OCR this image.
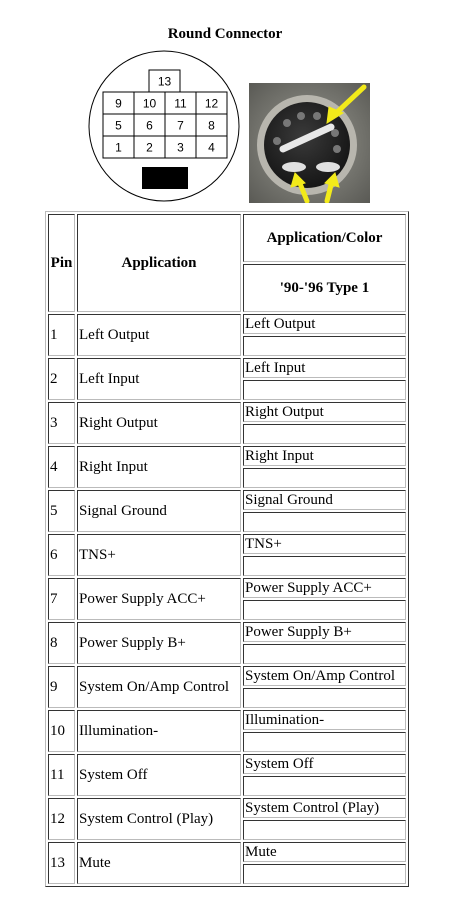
Round Connector
13
9 10 11 12
5 6 7 8
1 2 3 4
Pin	Application	Application/Color
		'90-'96 Type 1
1	Left Output	Left Output

2	Left Input	Left Input

3	Right Output	Right Output

4	Right Input	Right Input

5	Signal Ground	Signal Ground

6	TNS+	TNS+

7	Power Supply ACC+	Power Supply ACC+

8	Power Supply B+	Power Supply B+

9	System On/Amp Control	System On/Amp Control

10	Illumination-	Illumination-

11	System Off	System Off

12	System Control (Play)	System Control (Play)

13	Mute	Mute
